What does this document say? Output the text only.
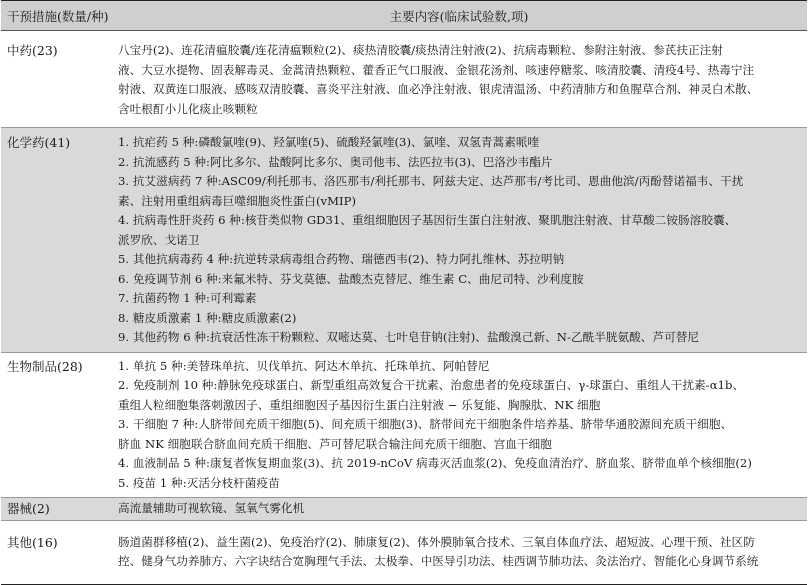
干预措施(数量/种)	主要内容(临床试验数,项)
中药(23)	八宝丹(2)、连花清瘟胶囊/连花清瘟颗粒(2)、痰热清胶囊/痰热清注射液(2)、抗病毒颗粒、参附注射液、参芪扶正注射
液、大豆水提物、固表解毒灵、金蒿清热颗粒、藿香正气口服液、金银花汤剂、咳速停糖浆、咳清胶囊、清疫4号、热毒宁注
射液、双黄连口服液、感咳双清胶囊、喜炎平注射液、血必净注射液、银虎清温汤、中药清肺方和鱼腥草合剂、神灵白术散、
含吐根酊小儿化痰止咳颗粒
化学药(41)	1. 抗疟药 5 种:磷酸氯喹(9)、羟氯喹(5)、硫酸羟氯喹(3)、氯喹、双氢青蒿素哌喹
2. 抗流感药 5 种:阿比多尔、盐酸阿比多尔、奥司他韦、法匹拉韦(3)、巴洛沙韦酯片
3. 抗艾滋病药 7 种:ASC09/利托那韦、洛匹那韦/利托那韦、阿兹夫定、达芦那韦/考比司、恩曲他滨/丙酚替诺福韦、干扰
素、注射用重组病毒巨噬细胞炎性蛋白(vMIP)
4. 抗病毒性肝炎药 6 种:核苷类似物 GD31、重组细胞因子基因衍生蛋白注射液、聚肌胞注射液、甘草酸二铵肠溶胶囊、
派罗欣、戈诺卫
5. 其他抗病毒药 4 种:抗逆转录病毒组合药物、瑞德西韦(2)、特力阿扎维林、苏拉明钠
6. 免疫调节剂 6 种:来氟米特、芬戈莫德、盐酸杰克替尼、维生素 C、曲尼司特、沙利度胺
7. 抗菌药物 1 种:可利霉素
8. 糖皮质激素 1 种:糖皮质激素(2)
9. 其他药物 6 种:抗衰活性冻干粉颗粒、双嘧达莫、七叶皂苷钠(注射)、盐酸溴己新、N-乙酰半胱氨酸、芦可替尼
生物制品(28)	1. 单抗 5 种:美替珠单抗、贝伐单抗、阿达木单抗、托珠单抗、阿帕替尼
2. 免疫制剂 10 种:静脉免疫球蛋白、新型重组高效复合干扰素、治愈患者的免疫球蛋白、γ-球蛋白、重组人干扰素-α1b、
重组人粒细胞集落刺激因子、重组细胞因子基因衍生蛋白注射液 − 乐复能、胸腺肽、NK 细胞
3. 干细胞 7 种:人脐带间充质干细胞(5)、间充质干细胞(3)、脐带间充干细胞条件培养基、脐带华通胶源间充质干细胞、
脐血 NK 细胞联合脐血间充质干细胞、芦可替尼联合输注间充质干细胞、宫血干细胞
4. 血液制品 5 种:康复者恢复期血浆(3)、抗 2019-nCoV 病毒灭活血浆(2)、免疫血清治疗、脐血浆、脐带血单个核细胞(2)
5. 疫苗 1 种:灭活分枝杆菌疫苗
器械(2)	高流量辅助可视软镜、氢氧气雾化机
其他(16)	肠道菌群移植(2)、益生菌(2)、免疫治疗(2)、肺康复(2)、体外膜肺氧合技术、三氧自体血疗法、超短波、心理干预、社区防
控、健身气功养肺方、六字诀结合宽胸理气手法、太极拳、中医导引功法、桂西调节肺功法、灸法治疗、智能化心身调节系统
